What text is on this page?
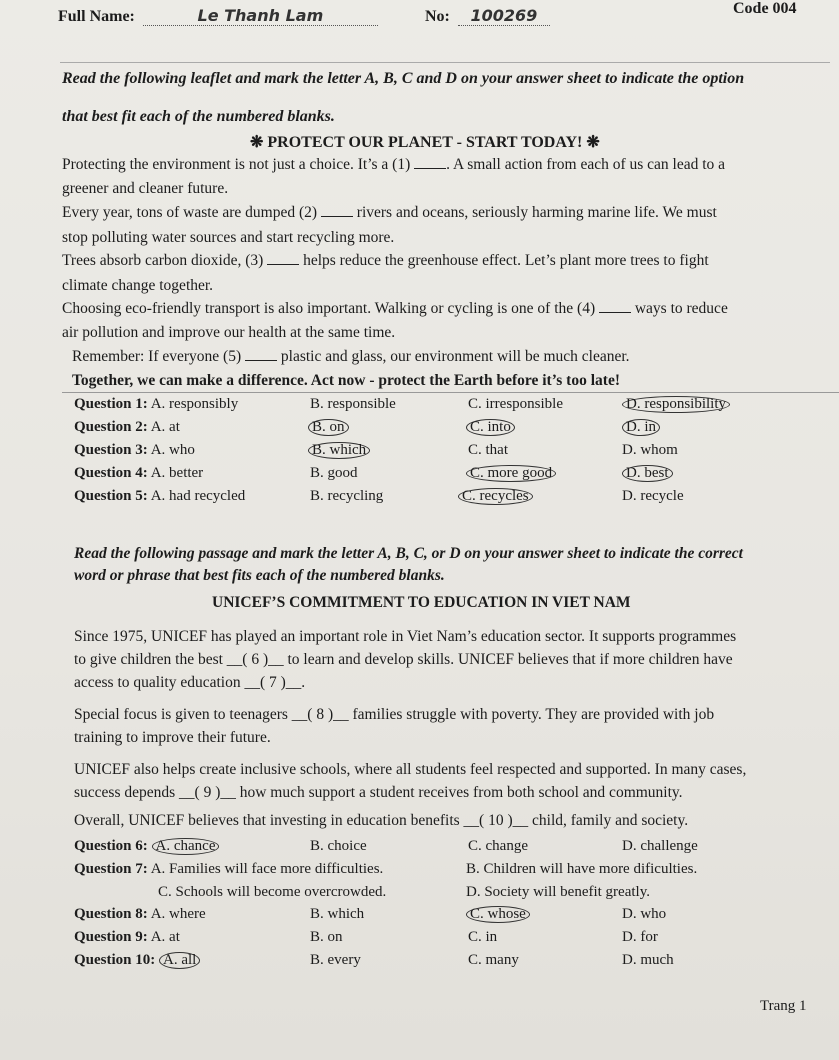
Full Name:	Le Thanh Lam	No: 100269	Code 004
Read the following leaflet and mark the letter A, B, C and D on your answer sheet to indicate the option
that best fit each of the numbered blanks.
❋ PROTECT OUR PLANET - START TODAY! ❋
Protecting the environment is not just a choice. It’s a (1) . A small action from each of us can lead to a
greener and cleaner future.
Every year, tons of waste are dumped (2)  rivers and oceans, seriously harming marine life. We must
stop polluting water sources and start recycling more.
Trees absorb carbon dioxide, (3)  helps reduce the greenhouse effect. Let’s plant more trees to fight
climate change together.
Choosing eco-friendly transport is also important. Walking or cycling is one of the (4)  ways to reduce
air pollution and improve our health at the same time.
Remember: If everyone (5)  plastic and glass, our environment will be much cleaner.
Together, we can make a difference. Act now - protect the Earth before it’s too late!
Question 1: A. responsibly	B. responsible	C. irresponsible	D. responsibility
Question 2: A. at	B. on	C. into	D. in
Question 3: A. who	B. which	C. that	D. whom
Question 4: A. better	B. good	C. more good	D. best
Question 5: A. had recycled	B. recycling	C. recycles	D. recycle
Read the following passage and mark the letter A, B, C, or D on your answer sheet to indicate the correct
word or phrase that best fits each of the numbered blanks.
UNICEF’S COMMITMENT TO EDUCATION IN VIET NAM
Since 1975, UNICEF has played an important role in Viet Nam’s education sector. It supports programmes
to give children the best __( 6 )__ to learn and develop skills. UNICEF believes that if more children have
access to quality education __( 7 )__.
Special focus is given to teenagers __( 8 )__ families struggle with poverty. They are provided with job
training to improve their future.
UNICEF also helps create inclusive schools, where all students feel respected and supported. In many cases,
success depends __( 9 )__ how much support a student receives from both school and community.
Overall, UNICEF believes that investing in education benefits __( 10 )__ child, family and society.
Question 6: A. chance	B. choice	C. change	D. challenge
Question 7: A. Families will face more difficulties.	B. Children will have more dificulties.
C. Schools will become overcrowded.	D. Society will benefit greatly.
Question 8: A. where	B. which	C. whose	D. who
Question 9: A. at	B. on	C. in	D. for
Question 10: A. all	B. every	C. many	D. much
Trang 1
